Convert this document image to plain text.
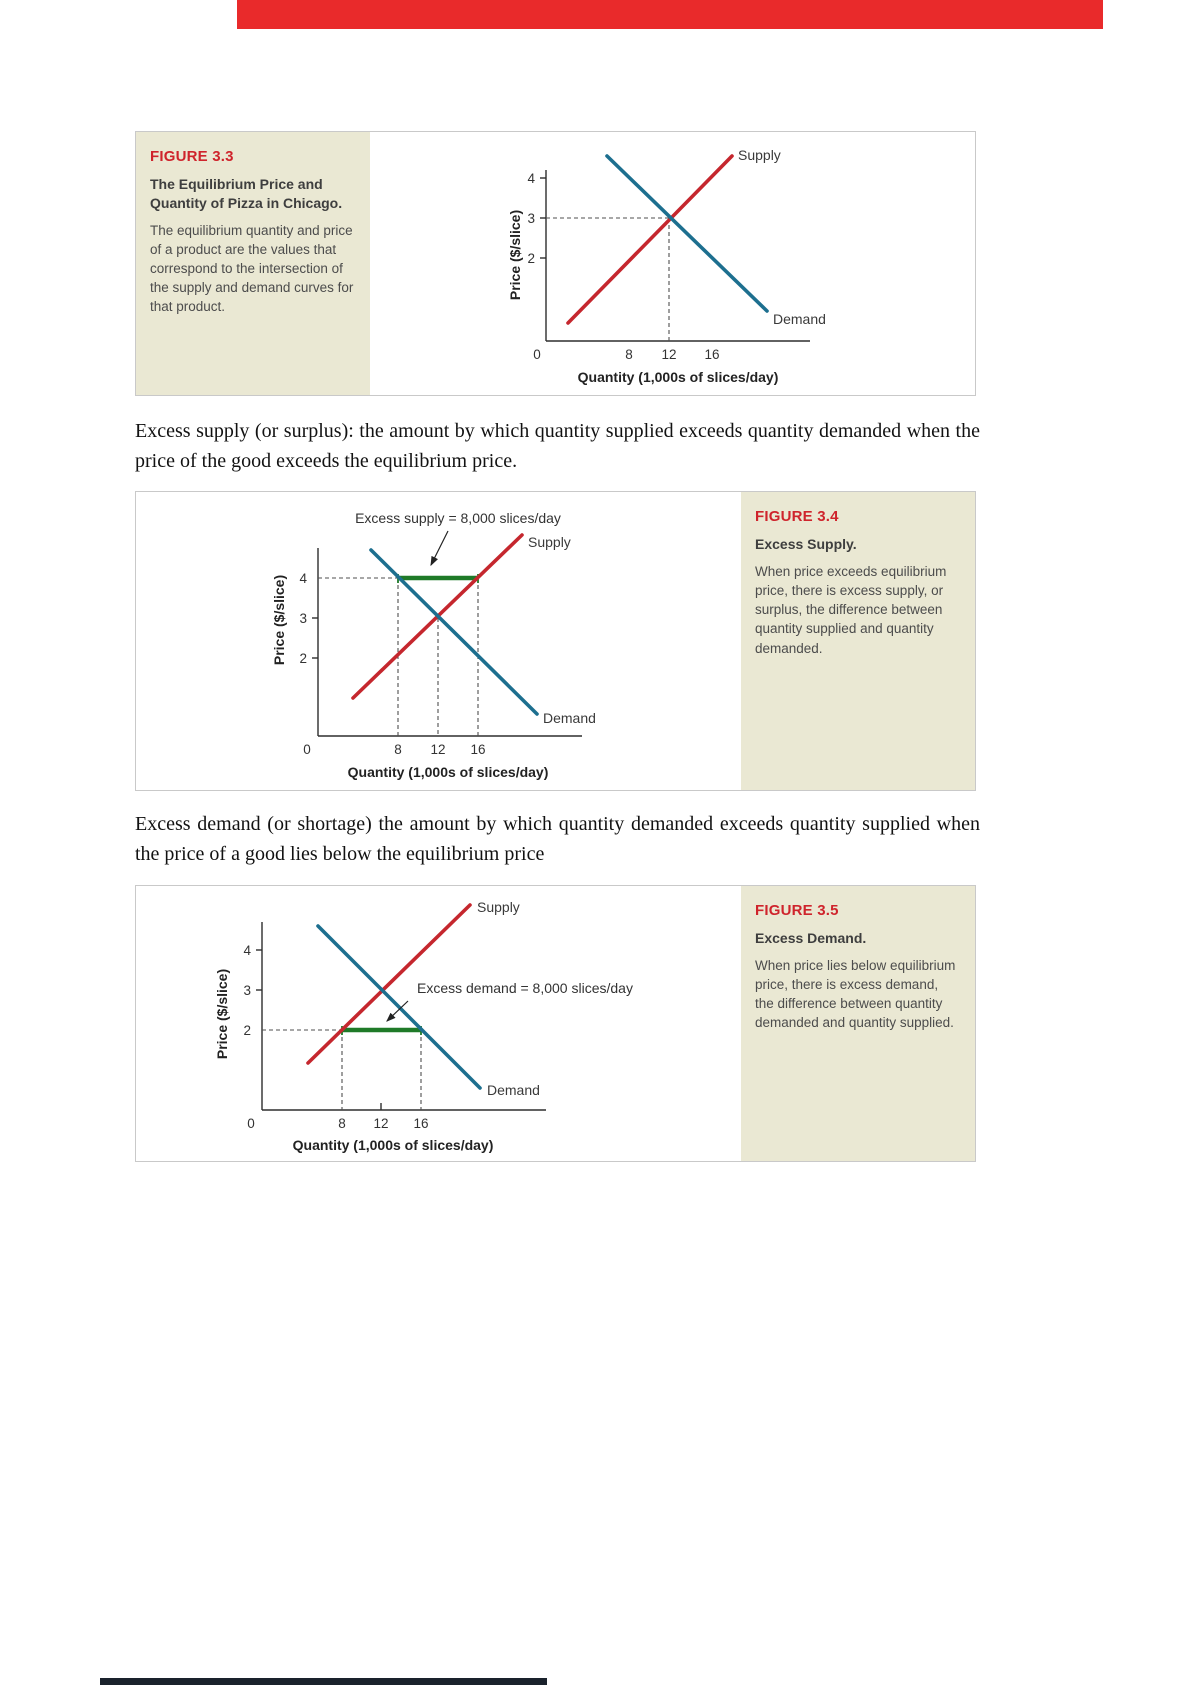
FIGURE 3.3
The Equilibrium Price and Quantity of Pizza in Chicago.
The equilibrium quantity and price of a product are the values that correspond to the intersection of the supply and demand curves for that product.
Price ($/slice)
4
3
2
Supply
Demand
0	8 12 16
Quantity (1,000s of slices/day)

Excess supply (or surplus): the amount by which quantity supplied exceeds quantity demanded when the price of the good exceeds the equilibrium price.

Excess supply = 8,000 slices/day
Price ($/slice) 4
3
2
Supply
Demand
0	8 12 16
Quantity (1,000s of slices/day)
FIGURE 3.4
Excess Supply.
When price exceeds equilibrium price, there is excess supply, or surplus, the difference between quantity supplied and quantity demanded.

Excess demand (or shortage) the amount by which quantity demanded exceeds quantity supplied when the price of a good lies below the equilibrium price

Price ($/slice)
4
3
2
Supply
Demand
Excess demand = 8,000 slices/day
0	8 12 16
Quantity (1,000s of slices/day)
FIGURE 3.5
Excess Demand.
When price lies below equilibrium price, there is excess demand, the difference between quantity demanded and quantity supplied.
